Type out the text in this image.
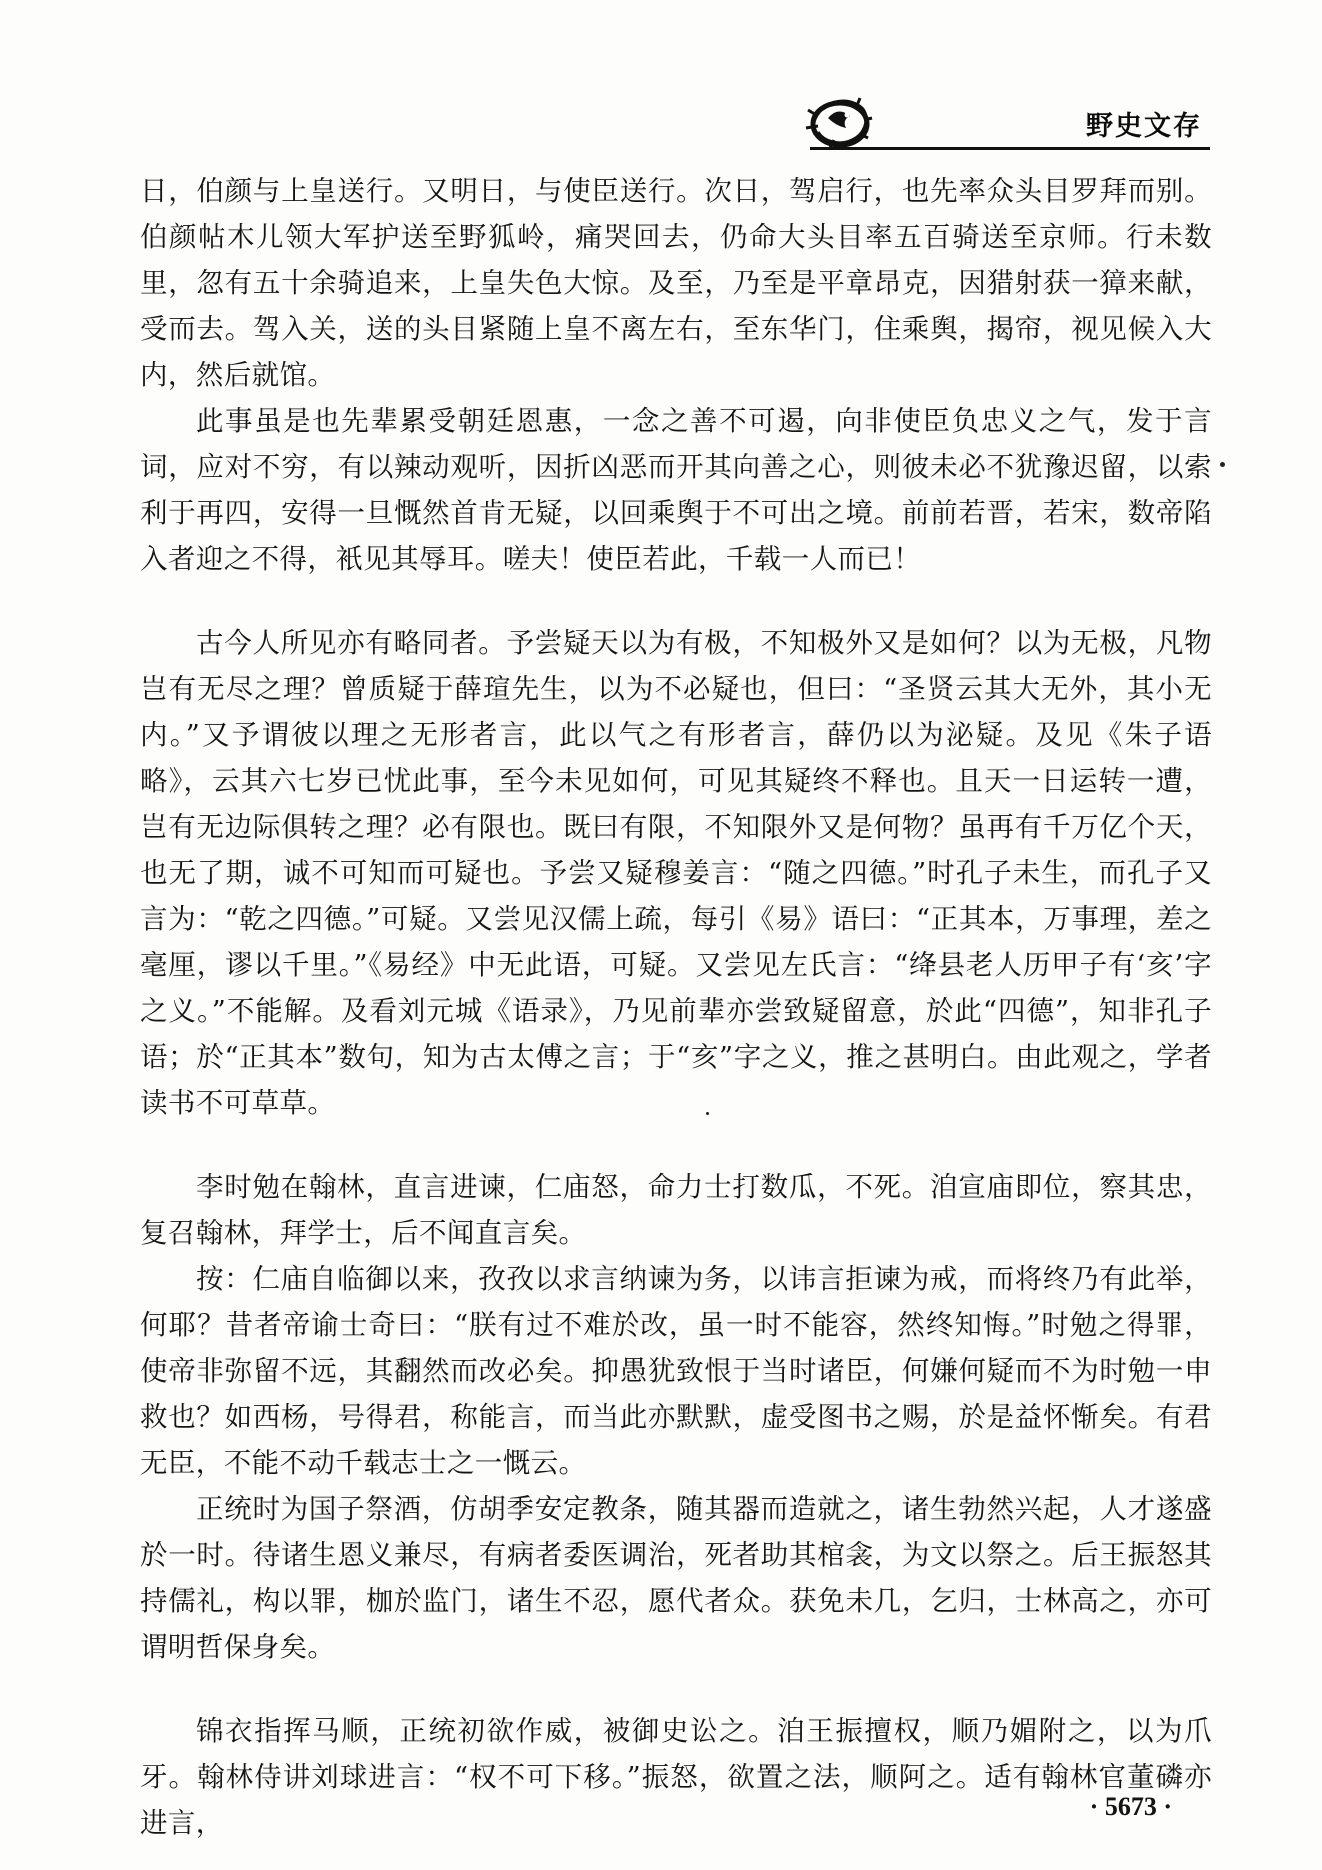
野史文存

日，伯颜与上皇送行。又明日，与使臣送行。次日，驾启行，也先率众头目罗拜而别。伯颜帖木儿领大军护送至野狐岭，痛哭回去，仍命大头目率五百骑送至京师。行未数里，忽有五十余骑追来，上皇失色大惊。及至，乃至是平章昂克，因猎射获一獐来献，受而去。驾入关，送的头目紧随上皇不离左右，至东华门，住乘舆，揭帘，视见候入大内，然后就馆。

此事虽是也先辈累受朝廷恩惠，一念之善不可遏，向非使臣负忠义之气，发于言词，应对不穷，有以辣动观听，因折凶恶而开其向善之心，则彼未必不犹豫迟留，以索利于再四，安得一旦慨然首肯无疑，以回乘舆于不可出之境。前前若晋，若宋，数帝陷入者迎之不得，衹见其辱耳。嗟夫！使臣若此，千载一人而已！

古今人所见亦有略同者。予尝疑天以为有极，不知极外又是如何？以为无极，凡物岂有无尽之理？曾质疑于薛瑄先生，以为不必疑也，但曰：“圣贤云其大无外，其小无内。”又予谓彼以理之无形者言，此以气之有形者言，薛仍以为泌疑。及见《朱子语略》，云其六七岁已忧此事，至今未见如何，可见其疑终不释也。且天一日运转一遭，岂有无边际俱转之理？必有限也。既曰有限，不知限外又是何物？虽再有千万亿个天，也无了期，诚不可知而可疑也。予尝又疑穆姜言：“随之四德。”时孔子未生，而孔子又言为：“乾之四德。”可疑。又尝见汉儒上疏，每引《易》语曰：“正其本，万事理，差之毫厘，谬以千里。”《易经》中无此语，可疑。又尝见左氏言：“绛县老人历甲子有‘亥’字之义。”不能解。及看刘元城《语录》，乃见前辈亦尝致疑留意，於此“四德”，知非孔子语；於“正其本”数句，知为古太傅之言；于“亥”字之义，推之甚明白。由此观之，学者读书不可草草。

李时勉在翰林，直言进谏，仁庙怒，命力士打数瓜，不死。洎宣庙即位，察其忠，复召翰林，拜学士，后不闻直言矣。

按：仁庙自临御以来，孜孜以求言纳谏为务，以讳言拒谏为戒，而将终乃有此举，何耶？昔者帝谕士奇曰：“朕有过不难於改，虽一时不能容，然终知悔。”时勉之得罪，使帝非弥留不远，其翻然而改必矣。抑愚犹致恨于当时诸臣，何嫌何疑而不为时勉一申救也？如西杨，号得君，称能言，而当此亦默默，虚受图书之赐，於是益怀惭矣。有君无臣，不能不动千载志士之一慨云。

正统时为国子祭酒，仿胡季安定教条，随其器而造就之，诸生勃然兴起，人才遂盛於一时。待诸生恩义兼尽，有病者委医调治，死者助其棺衾，为文以祭之。后王振怒其持儒礼，构以罪，枷於监门，诸生不忍，愿代者众。获免未几，乞归，士林高之，亦可谓明哲保身矣。

锦衣指挥马顺，正统初欲作威，被御史讼之。洎王振擅权，顺乃媚附之，以为爪牙。翰林侍讲刘球进言：“权不可下移。”振怒，欲置之法，顺阿之。适有翰林官董磷亦进言，

· 5673 ·
